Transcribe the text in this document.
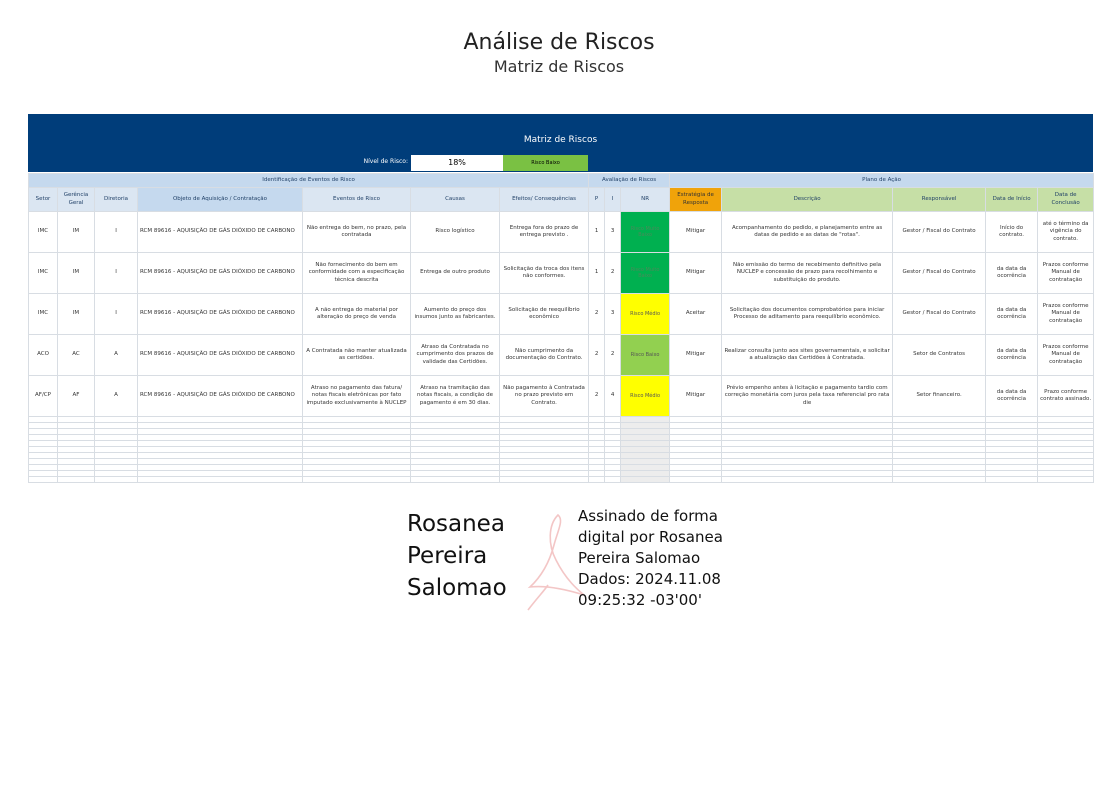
Análise de Riscos
Matriz de Riscos
Matriz de Riscos
Nível de Risco:	18%	Risco Baixo
Identificação de Eventos de Risco							Avaliação de Riscos			Plano de Ação				
Setor	Gerência Geral	Diretoria	Objeto de Aquisição / Contratação	Eventos de Risco	Causas	Efeitos/ Consequências	P	I	NR	Estratégia de Resposta	Descrição	Responsável	Data de Início	Data de Conclusão
IMC	IM	I	RCM 89616 - AQUISIÇÃO DE GÁS DIÓXIDO DE CARBONO	Não entrega do bem, no prazo, pela contratada	Risco logístico	Entrega fora do prazo de entrega previsto .	1	3	Risco Muito Baixo	Mitigar	Acompanhamento do pedido, e planejamento entre as datas de pedido e as datas de "rotas".	Gestor / Fiscal do Contrato	Início do contrato.	até o término da vigência do contrato.
IMC	IM	I	RCM 89616 - AQUISIÇÃO DE GÁS DIÓXIDO DE CARBONO	Não fornecimento do bem em conformidade com a especificação técnica descrita	Entrega de outro produto	Solicitação da troca dos itens não conformes.	1	2	Risco Muito Baixo	Mitigar	Não emissão do termo de recebimento definitivo pela NUCLEP e concessão de prazo para recolhimento e substituição do produto.	Gestor / Fiscal do Contrato	da data da ocorrência	Prazos conforme Manual de contratação
IMC	IM	I	RCM 89616 - AQUISIÇÃO DE GÁS DIÓXIDO DE CARBONO	A não entrega do material por alteração do preço de venda	Aumento do preço dos insumos junto as fabricantes.	Solicitação de reequilíbrio econômico	2	3	Risco Médio	Aceitar	Solicitação dos documentos comprobatórios para iniciar Processo de aditamento para reequilíbrio econômico.	Gestor / Fiscal do Contrato	da data da ocorrência	Prazos conforme Manual de contratação
ACO	AC	A	RCM 89616 - AQUISIÇÃO DE GÁS DIÓXIDO DE CARBONO	A Contratada não manter atualizada as certidões.	Atraso da Contratada no cumprimento dos prazos de validade das Certidões.	Não cumprimento da documentação do Contrato.	2	2	Risco Baixo	Mitigar	Realizar consulta junto aos sites governamentais, e solicitar a atualização das Certidões à Contratada.	Setor de Contratos	da data da ocorrência	Prazos conforme Manual de contratação
AF/CP	AF	A	RCM 89616 - AQUISIÇÃO DE GÁS DIÓXIDO DE CARBONO	Atraso no pagamento das fatura/ notas fiscais eletrônicas por fato imputado exclusivamente à NUCLEP	Atraso na tramitação das notas fiscais, a condição de pagamento é em 30 dias.	Não pagamento à Contratada no prazo previsto em Contrato.	2	4	Risco Médio	Mitigar	Prévio empenho antes à licitação e pagamento tardio com correção monetária com juros pela taxa referencial pro rata die	Setor financeiro.	da data da ocorrência	Prazo conforme contrato assinado.

Rosanea
Pereira
Salomao
Assinado de forma
digital por Rosanea
Pereira Salomao
Dados: 2024.11.08
09:25:32 -03'00'
